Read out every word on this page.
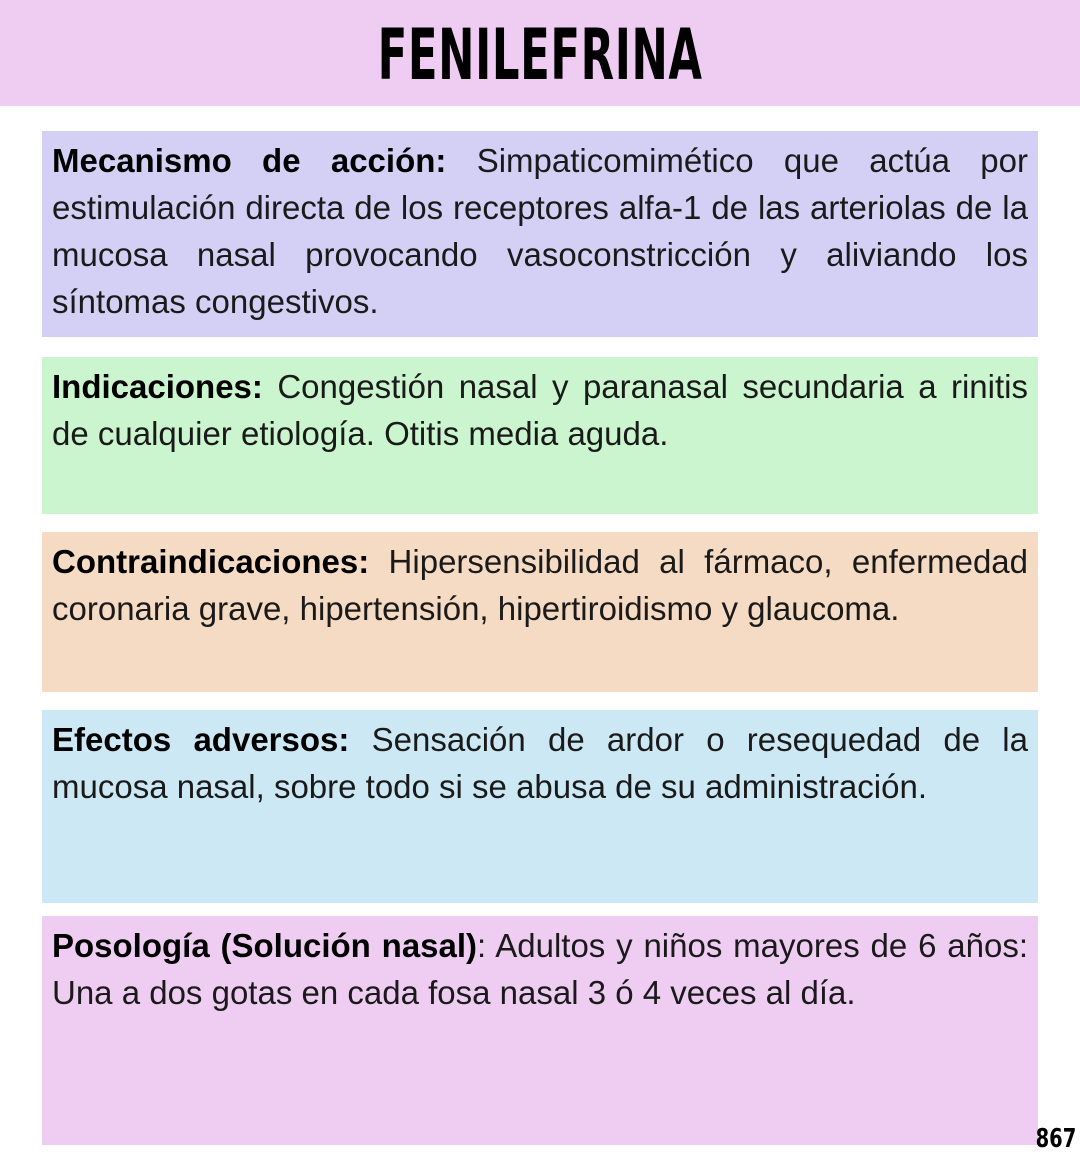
FENILEFRINA
Mecanismo de acción: Simpaticomimético que actúa por estimulación directa de los receptores alfa-1 de las arteriolas de la mucosa nasal provocando vasoconstricción y aliviando los síntomas congestivos.
Indicaciones: Congestión nasal y paranasal secundaria a rinitis de cualquier etiología. Otitis media aguda.
Contraindicaciones: Hipersensibilidad al fármaco, enfermedad coronaria grave, hipertensión, hipertiroidismo y glaucoma.
Efectos adversos: Sensación de ardor o resequedad de la mucosa nasal, sobre todo si se abusa de su administración.
Posología (Solución nasal): Adultos y niños mayores de 6 años: Una a dos gotas en cada fosa nasal 3 ó 4 veces al día.
867
